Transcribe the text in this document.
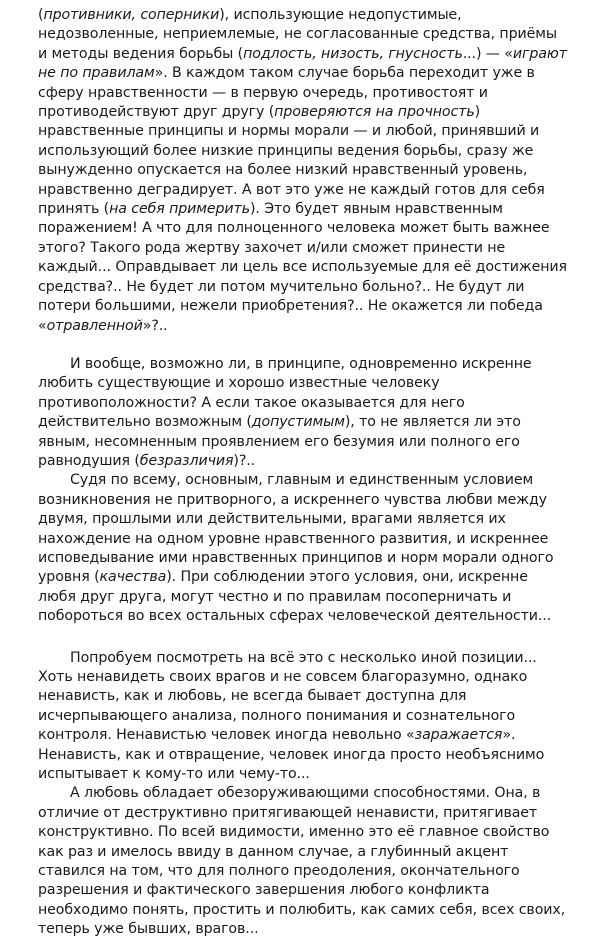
(противники, соперники), использующие недопустимые, недозволенные, неприемлемые, не согласованные средства, приёмы и методы ведения борьбы (подлость, низость, гнусность...) — «играют не по правилам». В каждом таком случае борьба переходит уже в сферу нравственности — в первую очередь, противостоят и противодействуют друг другу (проверяются на прочность) нравственные принципы и нормы морали — и любой, принявший и использующий более низкие принципы ведения борьбы, сразу же вынужденно опускается на более низкий нравственный уровень, нравственно деградирует. А вот это уже не каждый готов для себя принять (на себя примерить). Это будет явным нравственным поражением! А что для полноценного человека может быть важнее этого? Такого рода жертву захочет и/или сможет принести не каждый... Оправдывает ли цель все используемые для её достижения средства?.. Не будет ли потом мучительно больно?.. Не будут ли потери большими, нежели приобретения?.. Не окажется ли победа «отравленной»?..

И вообще, возможно ли, в принципе, одновременно искренне любить существующие и хорошо известные человеку противоположности? А если такое оказывается для него действительно возможным (допустимым), то не является ли это явным, несомненным проявлением его безумия или полного его равнодушия (безразличия)?..

Судя по всему, основным, главным и единственным условием возникновения не притворного, а искреннего чувства любви между двумя, прошлыми или действительными, врагами является их нахождение на одном уровне нравственного развития, и искреннее исповедывание ими нравственных принципов и норм морали одного уровня (качества). При соблюдении этого условия, они, искренне любя друг друга, могут честно и по правилам посоперничать и побороться во всех остальных сферах человеческой деятельности...

Попробуем посмотреть на всё это с несколько иной позиции... Хоть ненавидеть своих врагов и не совсем благоразумно, однако ненависть, как и любовь, не всегда бывает доступна для исчерпывающего анализа, полного понимания и сознательного контроля. Ненавистью человек иногда невольно «заражается». Ненависть, как и отвращение, человек иногда просто необъяснимо испытывает к кому-то или чему-то...

А любовь обладает обезоруживающими способностями. Она, в отличие от деструктивно притягивающей ненависти, притягивает конструктивно. По всей видимости, именно это её главное свойство как раз и имелось ввиду в данном случае, а глубинный акцент ставился на том, что для полного преодоления, окончательного разрешения и фактического завершения любого конфликта необходимо понять, простить и полюбить, как самих себя, всех своих, теперь уже бывших, врагов...
